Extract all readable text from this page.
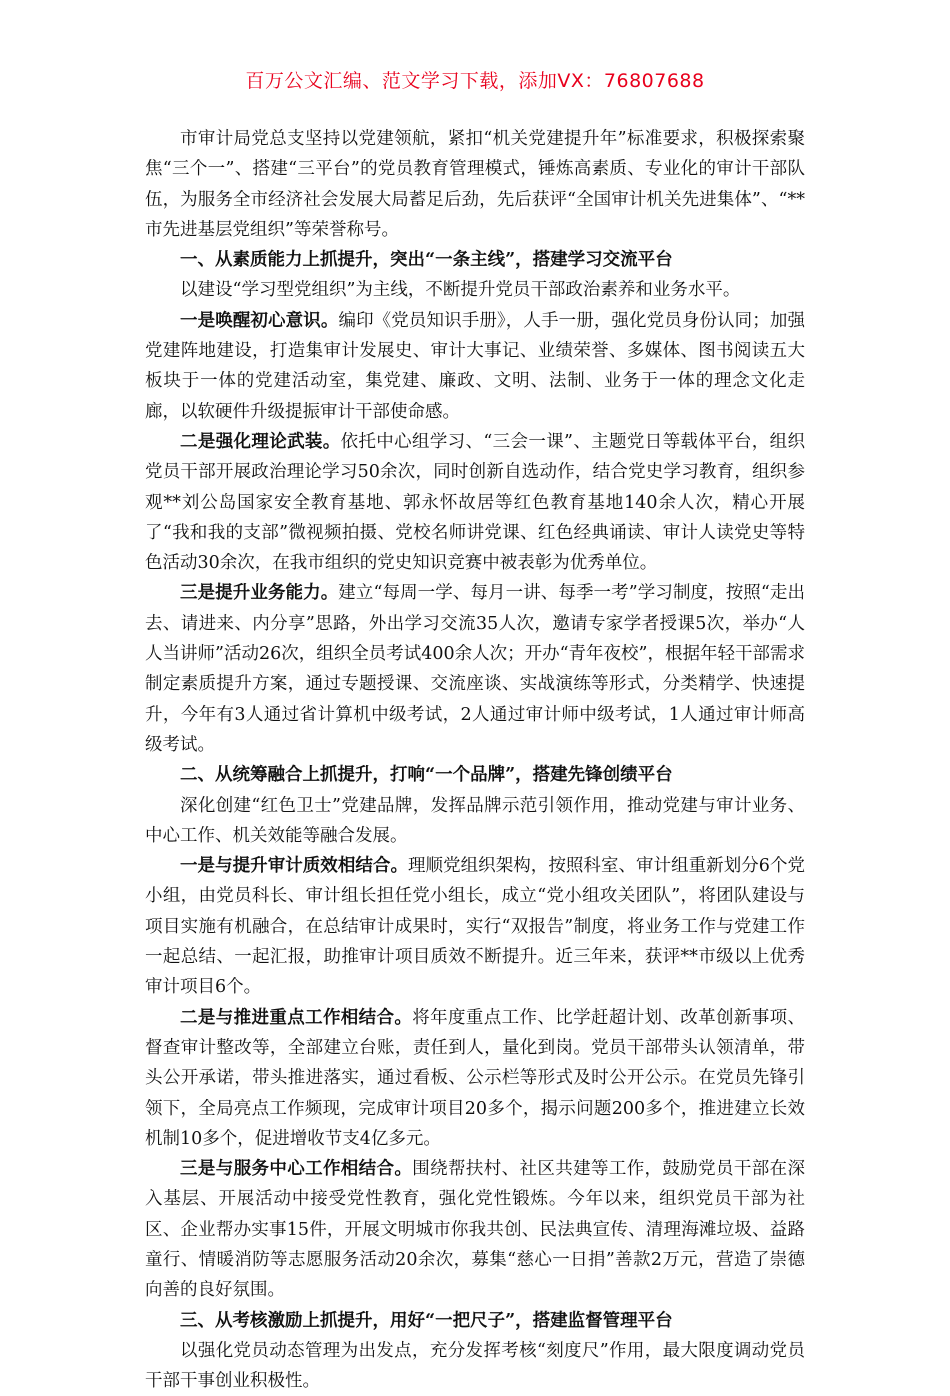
百万公文汇编、范文学习下载，添加VX：76807688

市审计局党总支坚持以党建领航，紧扣“机关党建提升年”标准要求，积极探索聚焦“三个一”、搭建“三平台”的党员教育管理模式，锤炼高素质、专业化的审计干部队伍，为服务全市经济社会发展大局蓄足后劲，先后获评“全国审计机关先进集体”、“**市先进基层党组织”等荣誉称号。

一、从素质能力上抓提升，突出“一条主线”，搭建学习交流平台

以建设“学习型党组织”为主线，不断提升党员干部政治素养和业务水平。

一是唤醒初心意识。编印《党员知识手册》，人手一册，强化党员身份认同；加强党建阵地建设，打造集审计发展史、审计大事记、业绩荣誉、多媒体、图书阅读五大板块于一体的党建活动室，集党建、廉政、文明、法制、业务于一体的理念文化走廊，以软硬件升级提振审计干部使命感。

二是强化理论武装。依托中心组学习、“三会一课”、主题党日等载体平台，组织党员干部开展政治理论学习50余次，同时创新自选动作，结合党史学习教育，组织参观**刘公岛国家安全教育基地、郭永怀故居等红色教育基地140余人次，精心开展了“我和我的支部”微视频拍摄、党校名师讲党课、红色经典诵读、审计人读党史等特色活动30余次，在我市组织的党史知识竞赛中被表彰为优秀单位。

三是提升业务能力。建立“每周一学、每月一讲、每季一考”学习制度，按照“走出去、请进来、内分享”思路，外出学习交流35人次，邀请专家学者授课5次，举办“人人当讲师”活动26次，组织全员考试400余人次；开办“青年夜校”，根据年轻干部需求制定素质提升方案，通过专题授课、交流座谈、实战演练等形式，分类精学、快速提升，今年有3人通过省计算机中级考试，2人通过审计师中级考试，1人通过审计师高级考试。

二、从统筹融合上抓提升，打响“一个品牌”，搭建先锋创绩平台

深化创建“红色卫士”党建品牌，发挥品牌示范引领作用，推动党建与审计业务、中心工作、机关效能等融合发展。

一是与提升审计质效相结合。理顺党组织架构，按照科室、审计组重新划分6个党小组，由党员科长、审计组长担任党小组长，成立“党小组攻关团队”，将团队建设与项目实施有机融合，在总结审计成果时，实行“双报告”制度，将业务工作与党建工作一起总结、一起汇报，助推审计项目质效不断提升。近三年来，获评**市级以上优秀审计项目6个。

二是与推进重点工作相结合。将年度重点工作、比学赶超计划、改革创新事项、督查审计整改等，全部建立台账，责任到人，量化到岗。党员干部带头认领清单，带头公开承诺，带头推进落实，通过看板、公示栏等形式及时公开公示。在党员先锋引领下，全局亮点工作频现，完成审计项目20多个，揭示问题200多个，推进建立长效机制10多个，促进增收节支4亿多元。

三是与服务中心工作相结合。围绕帮扶村、社区共建等工作，鼓励党员干部在深入基层、开展活动中接受党性教育，强化党性锻炼。今年以来，组织党员干部为社区、企业帮办实事15件，开展文明城市你我共创、民法典宣传、清理海滩垃圾、益路童行、情暖消防等志愿服务活动20余次，募集“慈心一日捐”善款2万元，营造了崇德向善的良好氛围。

三、从考核激励上抓提升，用好“一把尺子”，搭建监督管理平台

以强化党员动态管理为出发点，充分发挥考核“刻度尺”作用，最大限度调动党员干部干事创业积极性。
